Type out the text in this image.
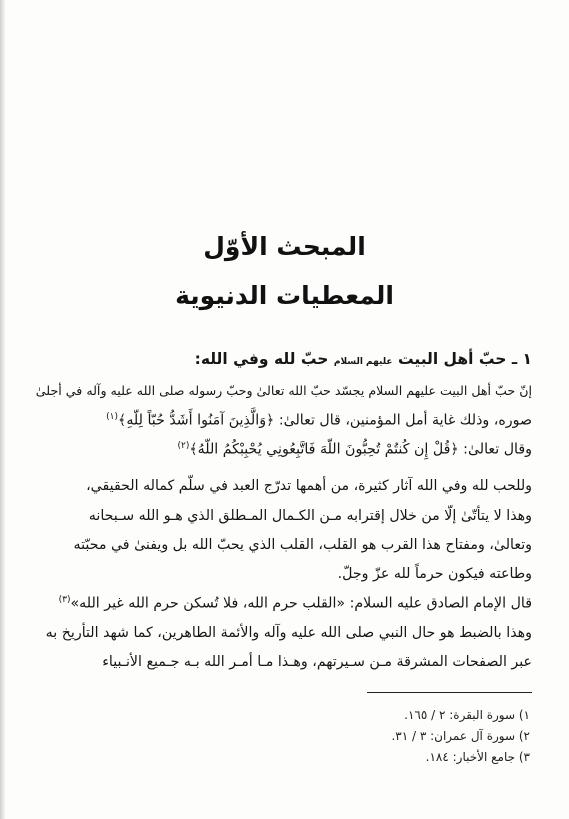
المبحث الأوّل
المعطيات الدنيوية
١ ـ حبّ أهل البيت عليهم السلام حبّ لله وفي الله:
إنّ حبّ أهل البيت عليهم السلام يجسّد حبّ الله تعالىٰ وحبّ رسوله صلى الله عليه وآله في أجلىٰ
صوره، وذلك غاية أمل المؤمنين، قال تعالىٰ: ﴿وَالَّذِينَ آمَنُوا أَشَدُّ حُبّاً لِلّهِ﴾$^{(١)}$
وقال تعالىٰ: ﴿قُلْ إِن كُنتُمْ تُحِبُّونَ اللّهَ فَاتَّبِعُونِي يُحْبِبْكُمُ اللّهُ﴾$^{(٢)}$
وللحب لله وفي الله آثار كثيرة، من أهمها تدرّج العبد في سلّم كماله الحقيقي،
وهذا لا يتأتّىٰ إلّا من خلال إقترابه مـن الكـمال المـطلق الذي هـو الله سـبحانه
وتعالىٰ، ومفتاح هذا القرب هو القلب، القلب الذي يحبّ الله بل ويفنىٰ في محبّته
وطاعته فيكون حرماً لله عزّ وجلّ.
قال الإمام الصادق عليه السلام: «القلب حرم الله، فلا تُسكن حرم الله غير الله»$^{(٣)}$
وهذا بالضبط هو حال النبي صلى الله عليه وآله والأئمة الطاهرين، كما شهد التأريخ به
عبر الصفحات المشرقة مـن سـيرتهم، وهـذا مـا أمـر الله بـه جـميع الأنـبياء
١) سورة البقرة: ٢ / ١٦٥.
٢) سورة آل عمران: ٣ / ٣١.
٣) جامع الأخبار: ١٨٤.
